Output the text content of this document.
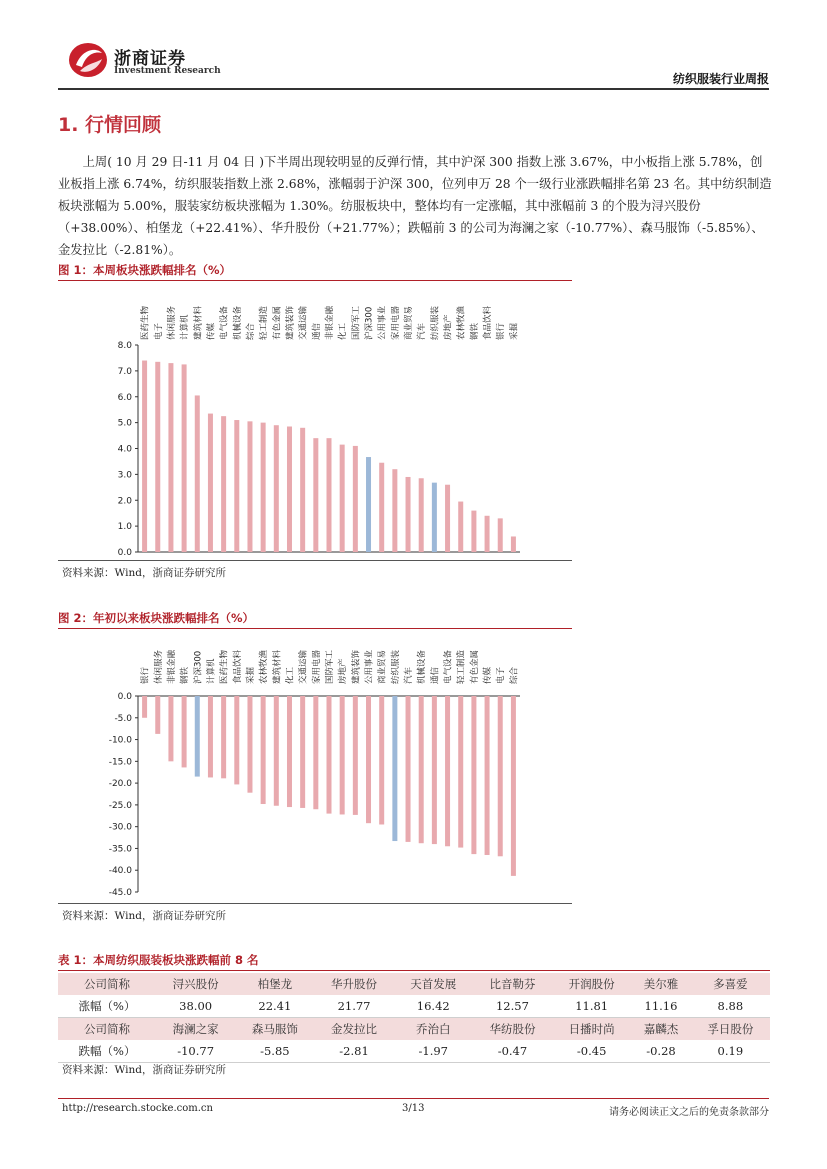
浙商证券
Investment Research
纺织服装行业周报
1. 行情回顾
上周( 10 月 29 日-11 月 04 日 )下半周出现较明显的反弹行情，其中沪深 300 指数上涨 3.67%，中小板指上涨 5.78%，创业板指上涨 6.74%，纺织服装指数上涨 2.68%，涨幅弱于沪深 300，位列申万 28 个一级行业涨跌幅排名第 23 名。其中纺织制造板块涨幅为 5.00%，服装家纺板块涨幅为 1.30%。纺服板块中，整体均有一定涨幅，其中涨幅前 3 的个股为浔兴股份（+38.00%）、柏堡龙（+22.41%）、华升股份（+21.77%）；跌幅前 3 的公司为海澜之家（-10.77%）、森马服饰（-5.85%）、金发拉比（-2.81%）。
图 1：本周板块涨跌幅排名（%）
8.0
7.0
6.0
5.0
4.0
3.0
2.0
1.0
0.0
医药生物 电子 休闲服务 计算机 建筑材料 传媒 电气设备 机械设备 综合 轻工制造 有色金属 建筑装饰 交通运输 通信 非银金融 化工 国防军工 沪深300 公用事业 家用电器 商业贸易 汽车 纺织服装 房地产 农林牧渔 钢铁 食品饮料 银行 采掘
资料来源：Wind，浙商证券研究所
图 2：年初以来板块涨跌幅排名（%）
0.0
-5.0
-10.0
-15.0
-20.0
-25.0
-30.0
-35.0
-40.0
-45.0
银行 休闲服务 非银金融 钢铁 沪深300 计算机 医药生物 食品饮料 采掘 农林牧渔 建筑材料 化工 交通运输 家用电器 国防军工 房地产 建筑装饰 公用事业 商业贸易 纺织服装 汽车 机械设备 通信 电气设备 轻工制造 有色金属 传媒 电子 综合
资料来源：Wind，浙商证券研究所
表 1：本周纺织服装板块涨跌幅前 8 名
公司简称	浔兴股份	柏堡龙	华升股份	天首发展	比音勒芬	开润股份	美尔雅	多喜爱
涨幅（%）	38.00	22.41	21.77	16.42	12.57	11.81	11.16	8.88
公司简称	海澜之家	森马服饰	金发拉比	乔治白	华纺股份	日播时尚	嘉麟杰	孚日股份
跌幅（%）	-10.77	-5.85	-2.81	-1.97	-0.47	-0.45	-0.28	0.19
资料来源：Wind，浙商证券研究所
http://research.stocke.com.cn	3/13	请务必阅读正文之后的免责条款部分
